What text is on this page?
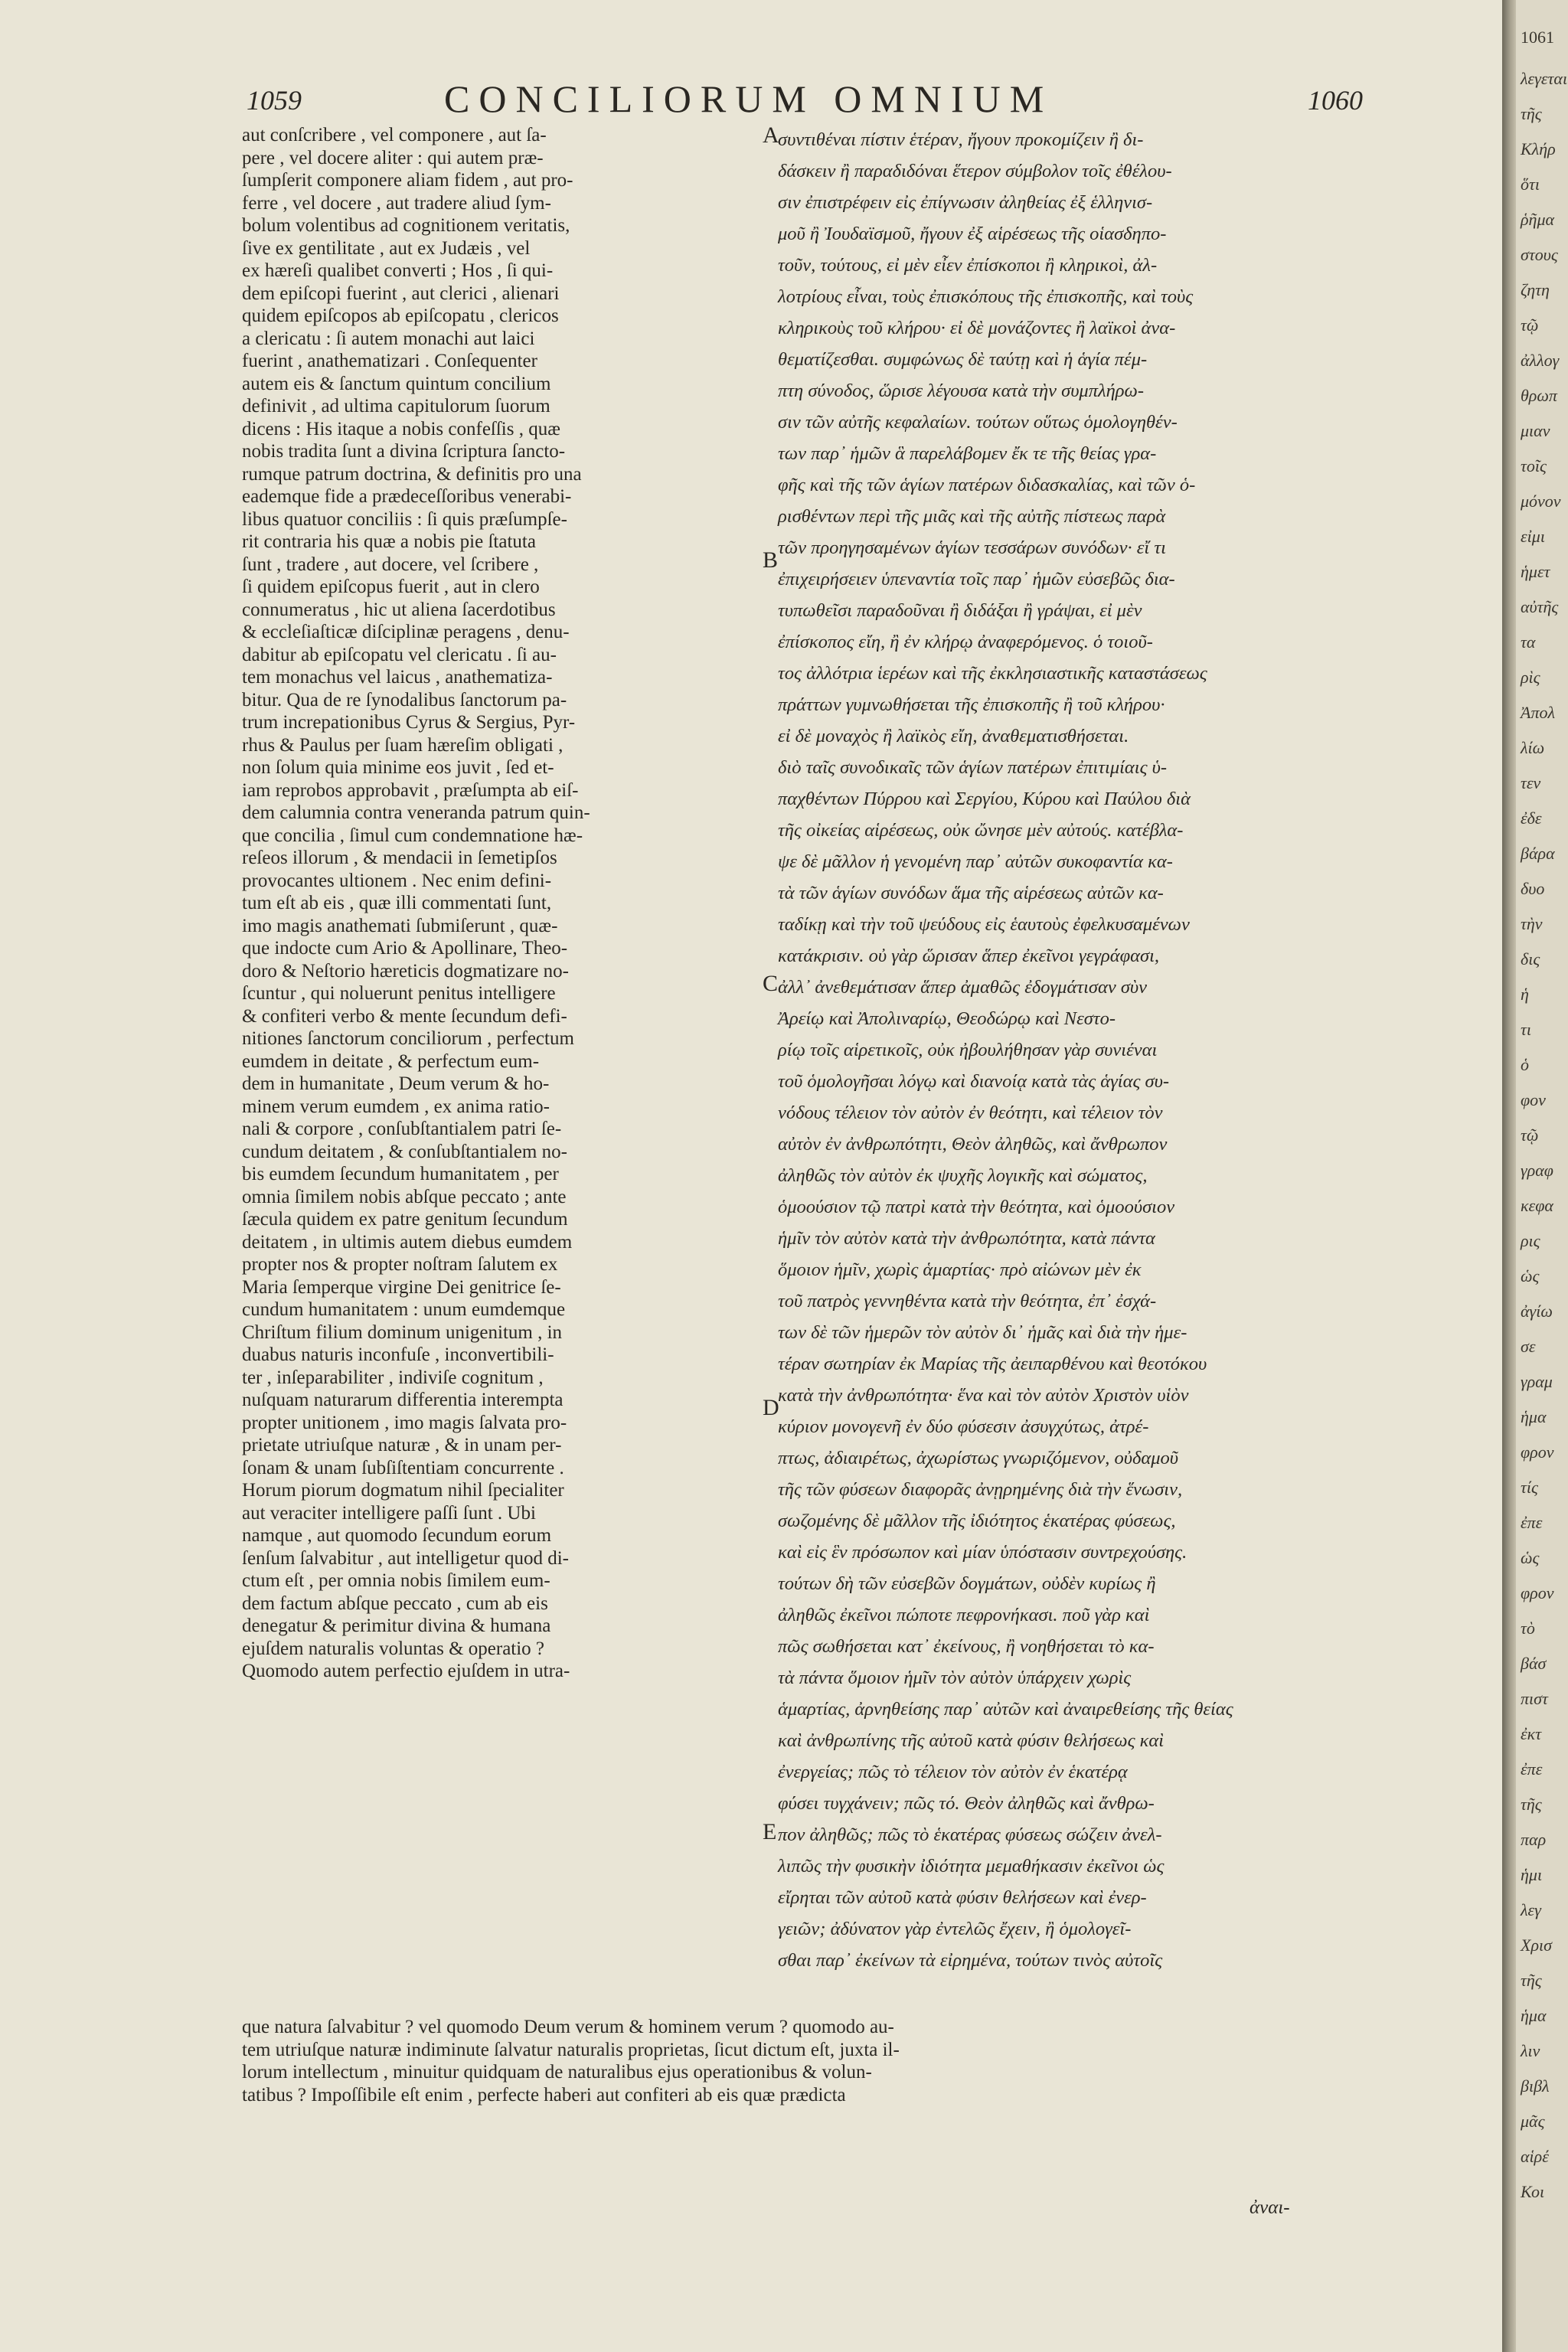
1059	CONCILIORUM OMNIUM	1060
aut conſcribere , vel componere , aut ſa-
pere , vel docere aliter : qui autem præ-
ſumpſerit componere aliam fidem , aut pro-
ferre , vel docere , aut tradere aliud ſym-
bolum volentibus ad cognitionem veritatis,
ſive ex gentilitate , aut ex Judæis , vel
ex hæreſi qualibet converti ; Hos , ſi qui-
dem epiſcopi fuerint , aut clerici , alienari
quidem epiſcopos ab epiſcopatu , clericos
a clericatu : ſi autem monachi aut laici
fuerint , anathematizari . Conſequenter
autem eis & ſanctum quintum concilium
definivit , ad ultima capitulorum ſuorum
dicens : His itaque a nobis confeſſis , quæ
nobis tradita ſunt a divina ſcriptura ſancto-
rumque patrum doctrina, & definitis pro una
eademque fide a prædeceſſoribus venerabi-
libus quatuor conciliis : ſi quis præſumpſe-
rit contraria his quæ a nobis pie ſtatuta
ſunt , tradere , aut docere, vel ſcribere ,
ſi quidem epiſcopus fuerit , aut in clero
connumeratus , hic ut aliena ſacerdotibus
& eccleſiaſticæ diſciplinæ peragens , denu-
dabitur ab epiſcopatu vel clericatu . ſi au-
tem monachus vel laicus , anathematiza-
bitur. Qua de re ſynodalibus ſanctorum pa-
trum increpationibus Cyrus & Sergius, Pyr-
rhus & Paulus per ſuam hæreſim obligati ,
non ſolum quia minime eos juvit , ſed et-
iam reprobos approbavit , præſumpta ab eiſ-
dem calumnia contra veneranda patrum quin-
que concilia , ſimul cum condemnatione hæ-
reſeos illorum , & mendacii in ſemetipſos
provocantes ultionem . Nec enim defini-
tum eſt ab eis , quæ illi commentati ſunt,
imo magis anathemati ſubmiſerunt , quæ-
que indocte cum Ario & Apollinare, Theo-
doro & Neſtorio hæreticis dogmatizare no-
ſcuntur , qui noluerunt penitus intelligere
& confiteri verbo & mente ſecundum defi-
nitiones ſanctorum conciliorum , perfectum
eumdem in deitate , & perfectum eum-
dem in humanitate , Deum verum & ho-
minem verum eumdem , ex anima ratio-
nali & corpore , conſubſtantialem patri ſe-
cundum deitatem , & conſubſtantialem no-
bis eumdem ſecundum humanitatem , per
omnia ſimilem nobis abſque peccato ; ante
ſæcula quidem ex patre genitum ſecundum
deitatem , in ultimis autem diebus eumdem
propter nos & propter noſtram ſalutem ex
Maria ſemperque virgine Dei genitrice ſe-
cundum humanitatem : unum eumdemque
Chriſtum filium dominum unigenitum , in
duabus naturis inconfuſe , inconvertibili-
ter , inſeparabiliter , indiviſe cognitum ,
nuſquam naturarum differentia interempta
propter unitionem , imo magis ſalvata pro-
prietate utriuſque naturæ , & in unam per-
ſonam & unam ſubſiſtentiam concurrente .
Horum piorum dogmatum nihil ſpecialiter
aut veraciter intelligere paſſi ſunt . Ubi
namque , aut quomodo ſecundum eorum
ſenſum ſalvabitur , aut intelligetur quod di-
ctum eſt , per omnia nobis ſimilem eum-
dem factum abſque peccato , cum ab eis
denegatur & perimitur divina & humana
ejuſdem naturalis voluntas & operatio ?
Quomodo autem perfectio ejuſdem in utra-
συντιθέναι πίστιν ἑτέραν, ἤγουν προκομίζειν ἢ δι-
δάσκειν ἢ παραδιδόναι ἕτερον σύμβολον τοῖς ἐθέλου-
σιν ἐπιστρέφειν εἰς ἐπίγνωσιν ἀληθείας ἐξ ἑλληνισ-
μοῦ ἢ Ἰουδαϊσμοῦ, ἤγουν ἐξ αἱρέσεως τῆς οἱασδηπο-
τοῦν, τούτους, εἰ μὲν εἶεν ἐπίσκοποι ἢ κληρικοὶ, ἀλ-
λοτρίους εἶναι, τοὺς ἐπισκόπους τῆς ἐπισκοπῆς, καὶ τοὺς
κληρικοὺς τοῦ κλήρου· εἰ δὲ μονάζοντες ἢ λαϊκοὶ ἀνα-
θεματίζεσθαι. συμφώνως δὲ ταύτῃ καὶ ἡ ἁγία πέμ-
πτη σύνοδος, ὥρισε λέγουσα κατὰ τὴν συμπλήρω-
σιν τῶν αὐτῆς κεφαλαίων. τούτων οὕτως ὁμολογηθέν-
των παρ᾽ ἡμῶν ἃ παρελάβομεν ἔκ τε τῆς θείας γρα-
φῆς καὶ τῆς τῶν ἁγίων πατέρων διδασκαλίας, καὶ τῶν ὁ-
ρισθέντων περὶ τῆς μιᾶς καὶ τῆς αὐτῆς πίστεως παρὰ
τῶν προηγησαμένων ἁγίων τεσσάρων συνόδων· εἴ τι
ἐπιχειρήσειεν ὑπεναντία τοῖς παρ᾽ ἡμῶν εὐσεβῶς δια-
τυπωθεῖσι παραδοῦναι ἢ διδάξαι ἢ γράψαι, εἰ μὲν
ἐπίσκοπος εἴη, ἢ ἐν κλήρῳ ἀναφερόμενος. ὁ τοιοῦ-
τος ἀλλότρια ἱερέων καὶ τῆς ἐκκλησιαστικῆς καταστάσεως
πράττων γυμνωθήσεται τῆς ἐπισκοπῆς ἢ τοῦ κλήρου·
εἰ δὲ μοναχὸς ἢ λαϊκὸς εἴη, ἀναθεματισθήσεται.
διὸ ταῖς συνοδικαῖς τῶν ἁγίων πατέρων ἐπιτιμίαις ὑ-
παχθέντων Πύρρου καὶ Σεργίου, Κύρου καὶ Παύλου διὰ
τῆς οἰκείας αἱρέσεως, οὐκ ὤνησε μὲν αὐτούς. κατέβλα-
ψε δὲ μᾶλλον ἡ γενομένη παρ᾽ αὐτῶν συκοφαντία κα-
τὰ τῶν ἁγίων συνόδων ἅμα τῆς αἱρέσεως αὐτῶν κα-
ταδίκῃ καὶ τὴν τοῦ ψεύδους εἰς ἑαυτοὺς ἐφελκυσαμένων
κατάκρισιν. οὐ γὰρ ὥρισαν ἅπερ ἐκεῖνοι γεγράφασι,
ἀλλ᾽ ἀνεθεμάτισαν ἅπερ ἀμαθῶς ἐδογμάτισαν σὺν
Ἀρείῳ καὶ Ἀπολιναρίῳ, Θεοδώρῳ καὶ Νεστο-
ρίῳ τοῖς αἱρετικοῖς, οὐκ ἠβουλήθησαν γὰρ συνιέναι
τοῦ ὁμολογῆσαι λόγῳ καὶ διανοίᾳ κατὰ τὰς ἁγίας συ-
νόδους τέλειον τὸν αὐτὸν ἐν θεότητι, καὶ τέλειον τὸν
αὐτὸν ἐν ἀνθρωπότητι, Θεὸν ἀληθῶς, καὶ ἄνθρωπον
ἀληθῶς τὸν αὐτὸν ἐκ ψυχῆς λογικῆς καὶ σώματος,
ὁμοούσιον τῷ πατρὶ κατὰ τὴν θεότητα, καὶ ὁμοούσιον
ἡμῖν τὸν αὐτὸν κατὰ τὴν ἀνθρωπότητα, κατὰ πάντα
ὅμοιον ἡμῖν, χωρὶς ἁμαρτίας· πρὸ αἰώνων μὲν ἐκ
τοῦ πατρὸς γεννηθέντα κατὰ τὴν θεότητα, ἐπ᾽ ἐσχά-
των δὲ τῶν ἡμερῶν τὸν αὐτὸν δι᾽ ἡμᾶς καὶ διὰ τὴν ἡμε-
τέραν σωτηρίαν ἐκ Μαρίας τῆς ἀειπαρθένου καὶ θεοτόκου
κατὰ τὴν ἀνθρωπότητα· ἕνα καὶ τὸν αὐτὸν Χριστὸν υἱὸν
κύριον μονογενῆ ἐν δύο φύσεσιν ἀσυγχύτως, ἀτρέ-
πτως, ἀδιαιρέτως, ἀχωρίστως γνωριζόμενον, οὐδαμοῦ
τῆς τῶν φύσεων διαφορᾶς ἀνῃρημένης διὰ τὴν ἕνωσιν,
σωζομένης δὲ μᾶλλον τῆς ἰδιότητος ἑκατέρας φύσεως,
καὶ εἰς ἓν πρόσωπον καὶ μίαν ὑπόστασιν συντρεχούσης.
τούτων δὴ τῶν εὐσεβῶν δογμάτων, οὐδὲν κυρίως ἢ
ἀληθῶς ἐκεῖνοι πώποτε πεφρονήκασι. ποῦ γὰρ καὶ
πῶς σωθήσεται κατ᾽ ἐκείνους, ἢ νοηθήσεται τὸ κα-
τὰ πάντα ὅμοιον ἡμῖν τὸν αὐτὸν ὑπάρχειν χωρὶς
ἁμαρτίας, ἀρνηθείσης παρ᾽ αὐτῶν καὶ ἀναιρεθείσης τῆς θείας
καὶ ἀνθρωπίνης τῆς αὐτοῦ κατὰ φύσιν θελήσεως καὶ
ἐνεργείας; πῶς τὸ τέλειον τὸν αὐτὸν ἐν ἑκατέρᾳ
φύσει τυγχάνειν; πῶς τό. Θεὸν ἀληθῶς καὶ ἄνθρω-
πον ἀληθῶς; πῶς τὸ ἑκατέρας φύσεως σώζειν ἀνελ-
λιπῶς τὴν φυσικὴν ἰδιότητα μεμαθήκασιν ἐκεῖνοι ὡς
εἴρηται τῶν αὐτοῦ κατὰ φύσιν θελήσεων καὶ ἐνερ-
γειῶν; ἀδύνατον γὰρ ἐντελῶς ἔχειν, ἢ ὁμολογεῖ-
σθαι παρ᾽ ἐκείνων τὰ εἰρημένα, τούτων τινὸς αὐτοῖς
A
B
C
D
E
que natura ſalvabitur ? vel quomodo Deum verum & hominem verum ? quomodo au-
tem utriuſque naturæ indiminute ſalvatur naturalis proprietas, ſicut dictum eſt, juxta il-
lorum intellectum , minuitur quidquam de naturalibus ejus operationibus & volun-
tatibus ? Impoſſibile eſt enim , perfecte haberi aut confiteri ab eis quæ prædicta
ἀναι-
1061
λεγεται
τῆς
Κλήρ
ὅτι
ῥῆμα
στους
ζητη
τῷ
ἀλλογ
θρωπ
μιαν
τοῖς
μόνον
εἰμι
ἡμετ
αὐτῆς
τα
ρὶς
Ἀπολ
λίω
τεν
ἐδε
βάρα
δυο
τὴν
δις
ἡ
τι
ὁ
φον
τῷ
γραφ
κεφα
ρις
ὡς
ἀγίω
σε
γραμ
ἡμα
φρον
τίς
ἐπε
ὡς
φρον
τὸ
βάσ
πιστ
ἐκτ
ἐπε
τῆς
παρ
ἡμι
λεγ
Χρισ
τῆς
ἡμα
λιν
βιβλ
μᾶς
αἱρέ
Κοι
